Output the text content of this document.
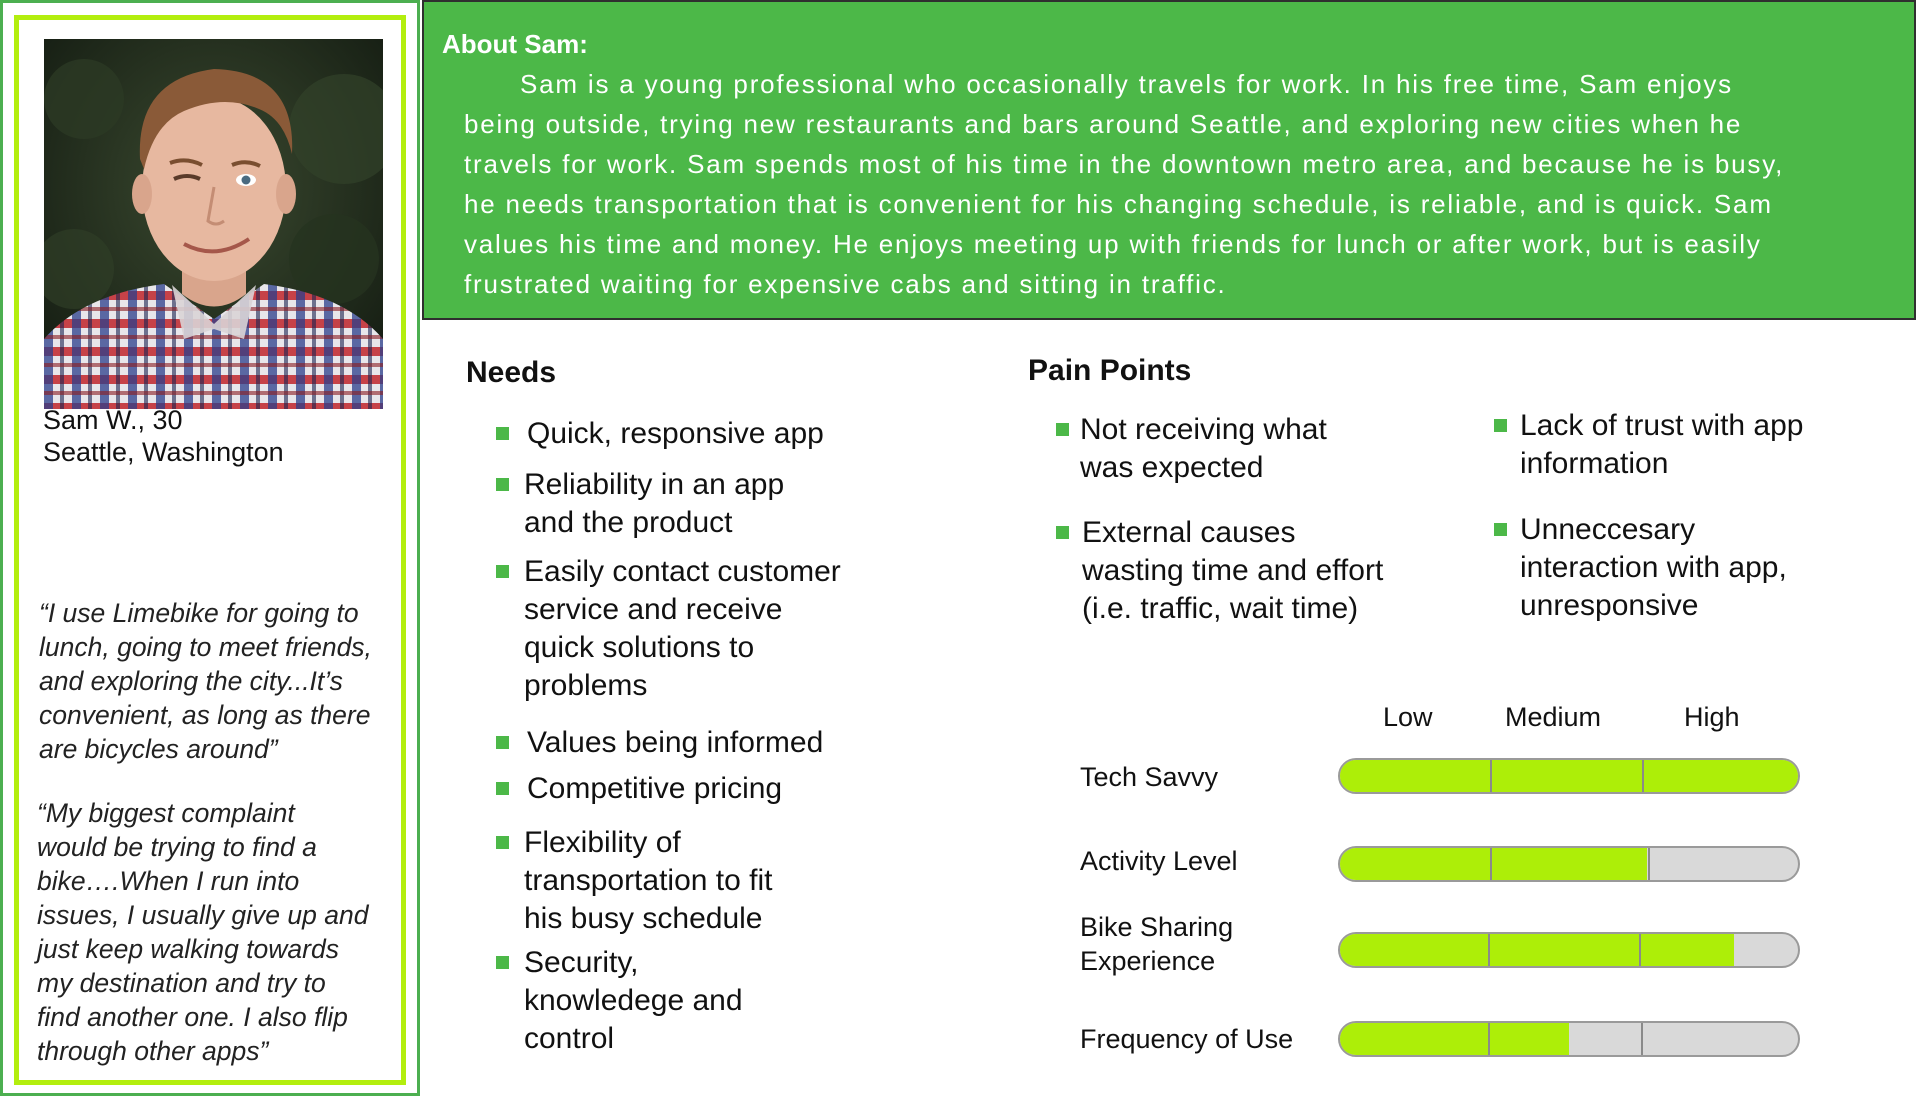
Sam W., 30
Seattle, Washington

“I use Limebike for going to
lunch, going to meet friends,
and exploring the city...It’s
convenient, as long as there
are bicycles around”

“My biggest complaint
would be trying to find a
bike….When I run into
issues, I usually give up and
just keep walking towards
my destination and try to
find another one. I also flip
through other apps”

About Sam:
Sam is a young professional who occasionally travels for work. In his free time, Sam enjoys
being outside, trying new restaurants and bars around Seattle, and exploring new cities when he
travels for work. Sam spends most of his time in the downtown metro area, and because he is busy,
he needs transportation that is convenient for his changing schedule, is reliable, and is quick. Sam
values his time and money. He enjoys meeting up with friends for lunch or after work, but is easily
frustrated waiting for expensive cabs and sitting in traffic.
Needs
Quick, responsive app
Reliability in an app
and the product
Easily contact customer
service and receive
quick solutions to
problems
Values being informed
Competitive pricing
Flexibility of
transportation to fit
his busy schedule
Security,
knowledege and
control
Pain Points
Not receiving what
was expected
External causes
wasting time and effort
(i.e. traffic, wait time)
Lack of trust with app
information
Unneccesary
interaction with app,
unresponsive
Low	Medium	High
Tech Savvy
Activity Level
Bike Sharing
Experience
Frequency of Use
